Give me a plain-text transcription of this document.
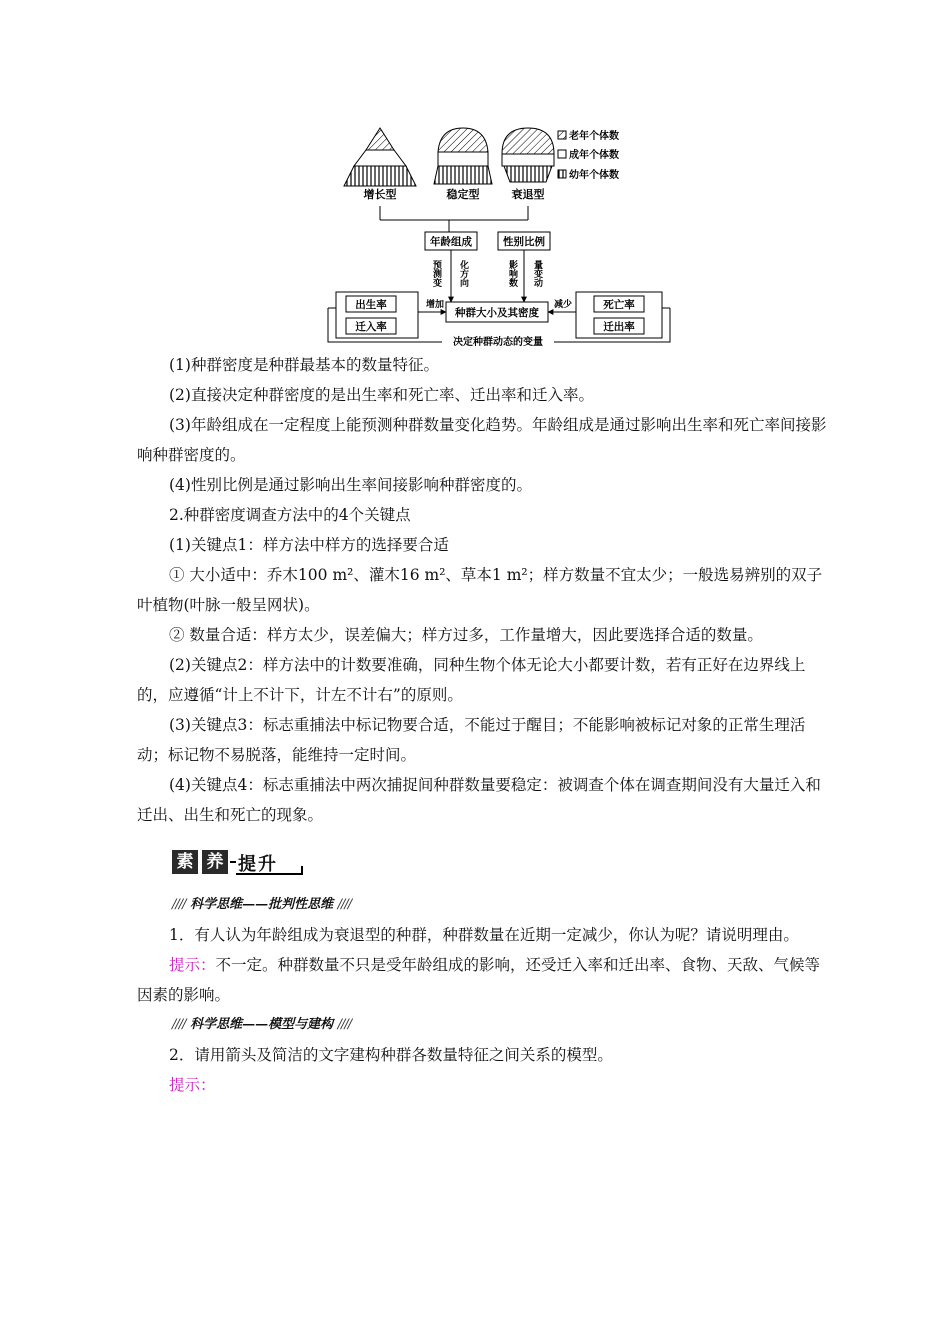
增长型	稳定型	衰退型
老年个体数
成年个体数
幼年个体数
年龄组成	性别比例
预测变 化方向	影响数 量变动
种群大小及其密度
出生率
迁入率
增加	死亡率
迁出率
减少
决定种群动态的变量

(1)种群密度是种群最基本的数量特征。

(2)直接决定种群密度的是出生率和死亡率、迁出率和迁入率。

(3)年龄组成在一定程度上能预测种群数量变化趋势。年龄组成是通过影响出生率和死亡率间接影响种群密度的。

(4)性别比例是通过影响出生率间接影响种群密度的。

2.种群密度调查方法中的4个关键点

(1)关键点1：样方法中样方的选择要合适

① 大小适中：乔木100 m²、灌木16 m²、草本1 m²；样方数量不宜太少；一般选易辨别的双子叶植物(叶脉一般呈网状)。

② 数量合适：样方太少，误差偏大；样方过多，工作量增大，因此要选择合适的数量。

(2)关键点2：样方法中的计数要准确，同种生物个体无论大小都要计数，若有正好在边界线上的，应遵循“计上不计下，计左不计右”的原则。

(3)关键点3：标志重捕法中标记物要合适，不能过于醒目；不能影响被标记对象的正常生理活动；标记物不易脱落，能维持一定时间。

(4)关键点4：标志重捕法中两次捕捉间种群数量要稳定：被调查个体在调查期间没有大量迁入和迁出、出生和死亡的现象。

素 养 提升

//// 科学思维——批判性思维 ////

1．有人认为年龄组成为衰退型的种群，种群数量在近期一定减少，你认为呢？请说明理由。

提示：不一定。种群数量不只是受年龄组成的影响，还受迁入率和迁出率、食物、天敌、气候等因素的影响。

//// 科学思维——模型与建构 ////

2．请用箭头及简洁的文字建构种群各数量特征之间关系的模型。

提示：
